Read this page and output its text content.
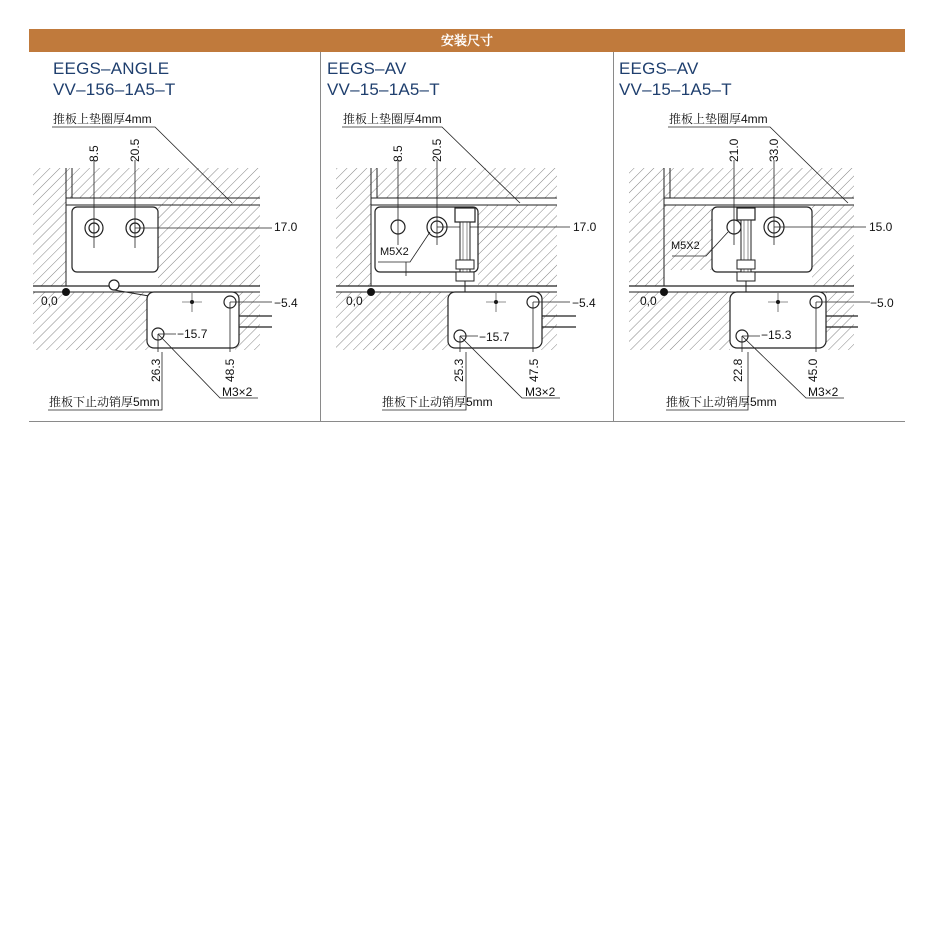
安装尺寸
EEGS–ANGLE
VV–156–1A5–T
推板上垫圈厚4mm
8.5 20.5
17.0
0,0	−5.4
−15.7
26.3	48.5
M3×2
推板下止动销厚5mm
EEGS–AV
VV–15–1A5–T
推板上垫圈厚4mm
8.5 20.5
17.0
M5X2
0,0	−5.4
−15.7
25.3	47.5
M3×2
推板下止动销厚5mm
EEGS–AV
VV–15–1A5–T
推板上垫圈厚4mm
21.0 33.0
15.0
M5X2
0,0	−5.0
−15.3
22.8	45.0
M3×2
推板下止动销厚5mm
